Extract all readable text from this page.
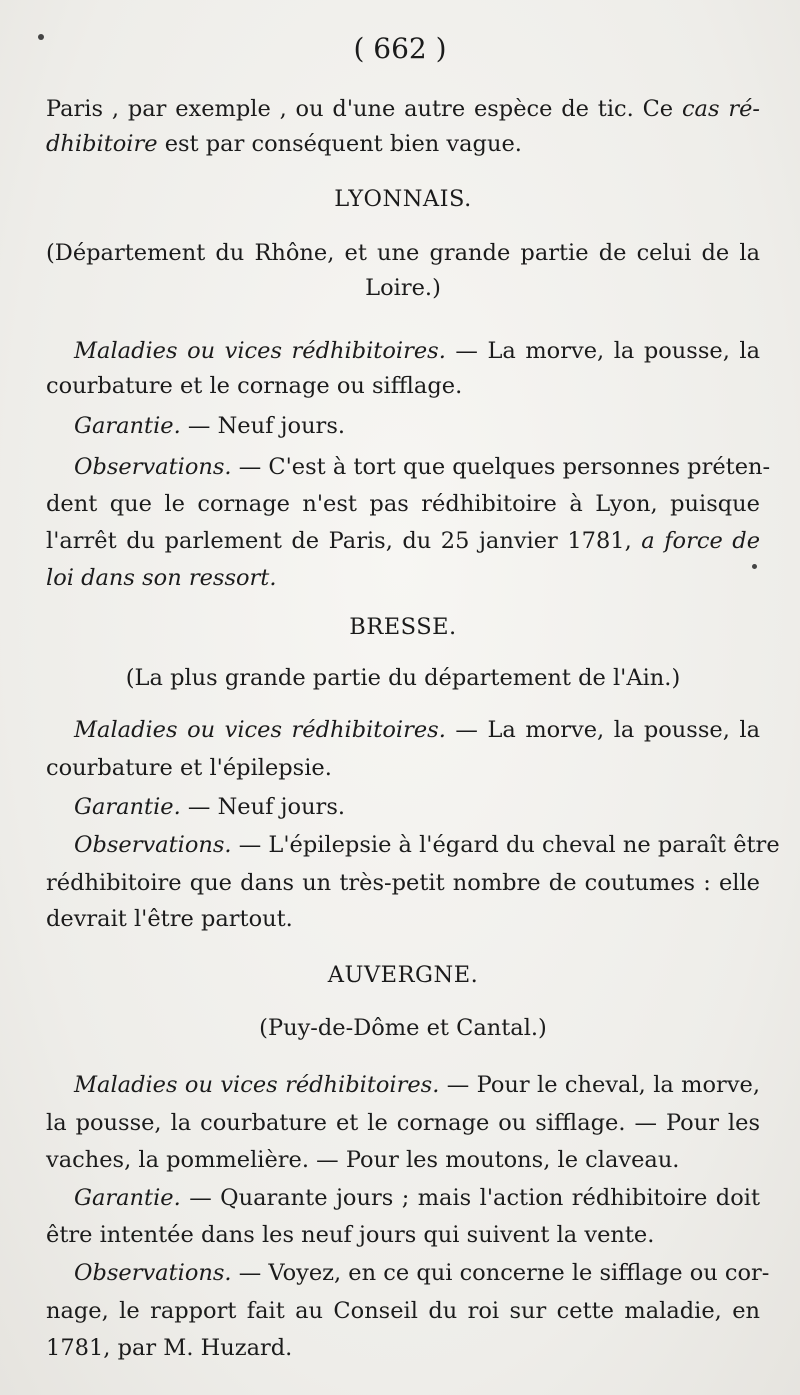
( 662 )
Paris , par exemple , ou d'une autre espèce de tic. Ce cas ré-
dhibitoire est par conséquent bien vague.
LYONNAIS.
(Département du Rhône, et une grande partie de celui de la
Loire.)
Maladies ou vices rédhibitoires. — La morve, la pousse, la
courbature et le cornage ou sifflage.
Garantie. — Neuf jours.
Observations. — C'est à tort que quelques personnes préten-
dent que le cornage n'est pas rédhibitoire à Lyon, puisque
l'arrêt du parlement de Paris, du 25 janvier 1781, a force de
loi dans son ressort.
BRESSE.
(La plus grande partie du département de l'Ain.)
Maladies ou vices rédhibitoires. — La morve, la pousse, la
courbature et l'épilepsie.
Garantie. — Neuf jours.
Observations. — L'épilepsie à l'égard du cheval ne paraît être
rédhibitoire que dans un très-petit nombre de coutumes : elle
devrait l'être partout.
AUVERGNE.
(Puy-de-Dôme et Cantal.)
Maladies ou vices rédhibitoires. — Pour le cheval, la morve,
la pousse, la courbature et le cornage ou sifflage. — Pour les
vaches, la pommelière. — Pour les moutons, le claveau.
Garantie. — Quarante jours ; mais l'action rédhibitoire doit
être intentée dans les neuf jours qui suivent la vente.
Observations. — Voyez, en ce qui concerne le sifflage ou cor-
nage, le rapport fait au Conseil du roi sur cette maladie, en
1781, par M. Huzard.
